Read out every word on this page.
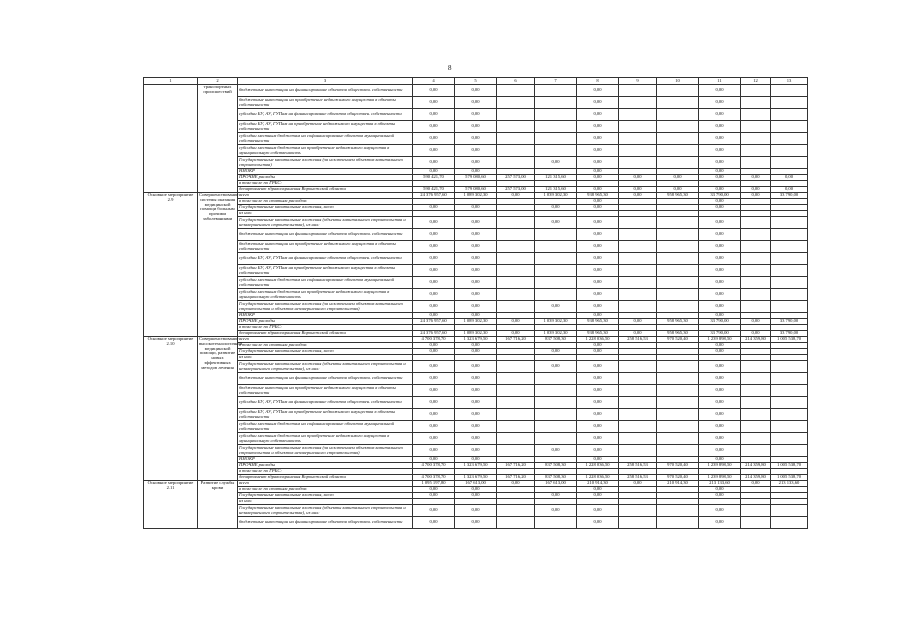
8
1	2	3	4	5	6	7	8	9	10	11	12	13
	транспортных происшествий	бюджетные инвестиции на финансирование объектов обществен. собственности	0,00	0,00			0,00			0,00		
		бюджетные инвестиции на приобретение недвижимого имущества в объекты собственности	0,00	0,00			0,00			0,00		
		субсидии БУ, АУ, ГУПам на финансирование объектов обществен. собственности	0,00	0,00			0,00			0,00		
		субсидии БУ, АУ, ГУПам на приобретение недвижимого имущества в объекты собственности	0,00	0,00			0,00			0,00		
		субсидии местным бюджетам на софинансирование объектов муниципальной собственности	0,00	0,00			0,00			0,00		
		субсидии местным бюджетам на приобретение недвижимого имущества в муниципальную собственность	0,00	0,00			0,00			0,00		
		Государственные капитальные вложения (за исключением объектов капитального строительства)	0,00	0,00		0,00	0,00			0,00		
		НИОКР	0,00	0,00			0,00			0,00		
		ПРОЧИЕ расходы	590 421,70	579 080,60	257 573,00	121 315,60	0,00	0,00	0,00	0,00	0,00	0,00
		в том числе по ГРБС:										
		департамент здравоохранения Воронежской области	590 421,70	579 080,60	257 573,00	121 315,60	0,00	0,00	0,00	0,00	0,00	0,00
Основное мероприятие 2.9	Совершенствование системы оказания медицинской помощи больным прочими заболеваниями	всего	24 376 957,60	1 089 302,30	0,00	1 039 302,30	938 965,30	0,00	958 965,30	33 790,00	0,00	33 790,00
		в том числе по статьям расходов:					0,00			0,00		
		Государственные капитальные вложения, всего	0,00	0,00		0,00	0,00			0,00		
		из них:										
		Государственные капитальные вложения (объекты капитального строительства и незавершенного строительства), из них:	0,00	0,00		0,00	0,00			0,00		
		бюджетные инвестиции на финансирование объектов обществен. собственности	0,00	0,00			0,00			0,00		
		бюджетные инвестиции на приобретение недвижимого имущества в объекты собственности	0,00	0,00			0,00			0,00		
		субсидии БУ, АУ, ГУПам на финансирование объектов обществен. собственности	0,00	0,00			0,00			0,00		
		субсидии БУ, АУ, ГУПам на приобретение недвижимого имущества в объекты собственности	0,00	0,00			0,00			0,00		
		субсидии местным бюджетам на софинансирование объектов муниципальной собственности	0,00	0,00			0,00			0,00		
		субсидии местным бюджетам на приобретение недвижимого имущества в муниципальную собственность	0,00	0,00			0,00			0,00		
		Государственные капитальные вложения (за исключением объектов капитального строительства и объектов незавершенного строительства)	0,00	0,00		0,00	0,00			0,00		
		НИОКР	0,00	0,00			0,00			0,00		
		ПРОЧИЕ расходы	24 376 957,60	1 089 302,30	0,00	1 039 302,30	938 965,30	0,00	958 965,30	33 790,00	0,00	33 790,00
		в том числе по ГРБС:										
		департамент здравоохранения Воронежской области	24 376 957,60	1 089 302,30	0,00	1 039 302,30	938 965,30	0,00	958 965,30	33 790,00	0,00	33 790,00
Основное мероприятие 2.10	Совершенствование высокотехнологичной медицинской помощи, развитие новых эффективных методов лечения	всего	4 700 378,70	1 323 679,50	167 716,20	837 508,30	1 228 036,50	258 516,53	970 520,40	1 239 898,50	214 359,80	1 005 538,70
		в том числе по статьям расходов:	0,00	0,00			0,00			0,00		
		Государственные капитальные вложения, всего	0,00	0,00		0,00	0,00			0,00		
		из них:										
		Государственные капитальные вложения (объекты капитального строительства и незавершенного строительства), из них:	0,00	0,00		0,00	0,00			0,00		
		бюджетные инвестиции на финансирование объектов обществен. собственности	0,00	0,00			0,00			0,00		
		бюджетные инвестиции на приобретение недвижимого имущества в объекты собственности	0,00	0,00			0,00			0,00		
		субсидии БУ, АУ, ГУПам на финансирование объектов обществен. собственности	0,00	0,00			0,00			0,00		
		субсидии БУ, АУ, ГУПам на приобретение недвижимого имущества в объекты собственности	0,00	0,00			0,00			0,00		
		субсидии местным бюджетам на софинансирование объектов муниципальной собственности	0,00	0,00			0,00			0,00		
		субсидии местным бюджетам на приобретение недвижимого имущества в муниципальную собственность	0,00	0,00			0,00			0,00		
		Государственные капитальные вложения (за исключением объектов капитального строительства и объектов незавершенного строительства)	0,00	0,00		0,00	0,00			0,00		
		НИОКР	0,00	0,00			0,00			0,00		
		ПРОЧИЕ расходы	4 700 378,70	1 323 679,50	167 716,20	837 508,30	1 228 036,50	258 516,53	970 520,40	1 239 898,50	214 359,80	1 005 538,70
		в том числе по ГРБС:										
		департамент здравоохранения Воронежской области	4 700 378,70	1 323 679,50	167 716,20	837 508,30	1 228 036,50	258 516,53	970 520,40	1 239 898,50	214 359,80	1 005 538,70
Основное мероприятие 2.11	Развитие службы крови	всего	1 095 197,80	167 613,00	0,00	167 613,00	210 914,30	0,00	210 914,30	213 133,60	0,00	213 133,60
		в том числе по статьям расходов:	0,00	0,00			0,00			0,00		
		Государственные капитальные вложения, всего	0,00	0,00		0,00	0,00			0,00		
		из них:										
		Государственные капитальные вложения (объекты капитального строительства и незавершенного строительства), из них:	0,00	0,00		0,00	0,00			0,00		
		бюджетные инвестиции на финансирование объектов обществен. собственности	0,00	0,00			0,00			0,00		
